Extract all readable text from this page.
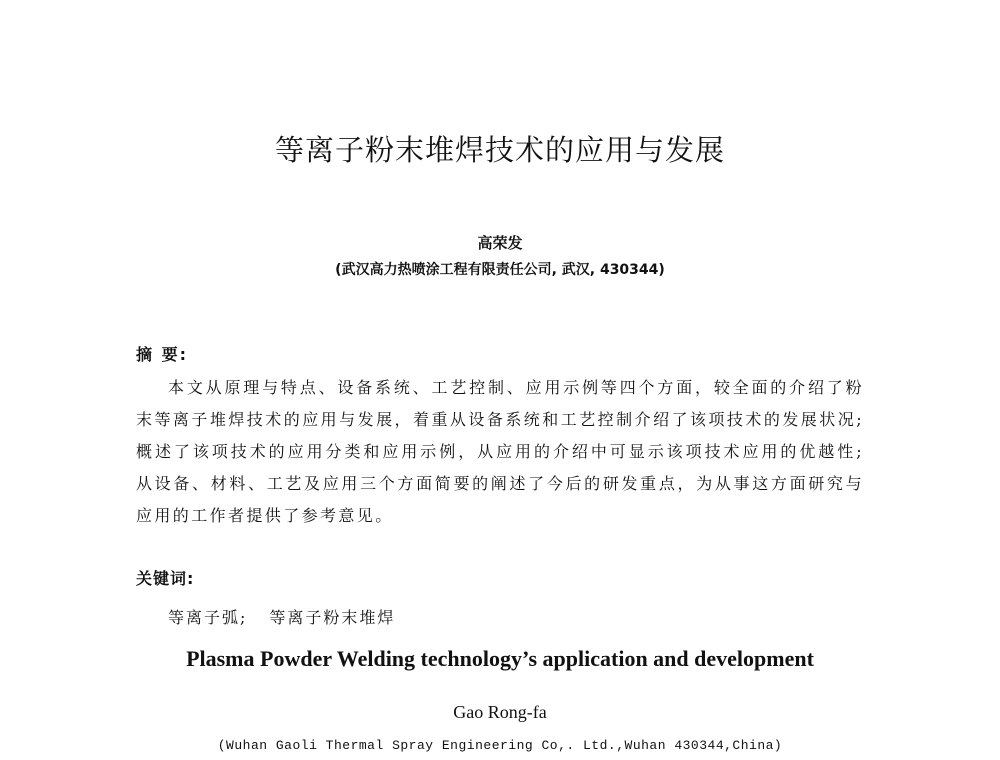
等离子粉末堆焊技术的应用与发展
高荣发
(武汉高力热喷涂工程有限责任公司, 武汉, 430344)
摘 要:
本文从原理与特点、设备系统、工艺控制、应用示例等四个方面，较全面的介绍了粉末等离子堆焊技术的应用与发展，着重从设备系统和工艺控制介绍了该项技术的发展状况; 概述了该项技术的应用分类和应用示例，从应用的介绍中可显示该项技术应用的优越性; 从设备、材料、工艺及应用三个方面简要的阐述了今后的研发重点，为从事这方面研究与应用的工作者提供了参考意见。
关键词:
等离子弧; 等离子粉末堆焊
Plasma Powder Welding technology’s application and development
Gao Rong-fa
(Wuhan Gaoli Thermal Spray Engineering Co,. Ltd.,Wuhan 430344,China)
